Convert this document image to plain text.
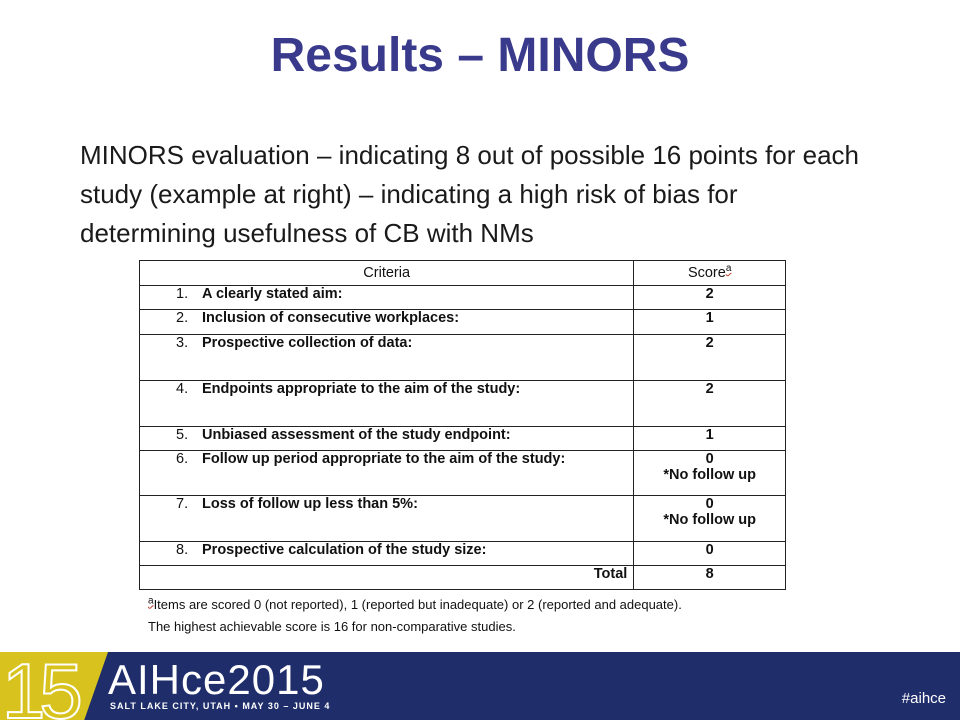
Results – MINORS
MINORS evaluation – indicating 8 out of possible 16 points for each study (example at right) – indicating a high risk of bias for determining usefulness of CB with NMs
Criteria	Score$^a$
1. A clearly stated aim:	2
2. Inclusion of consecutive workplaces:	1
3. Prospective collection of data:	2
4. Endpoints appropriate to the aim of the study:	2
5. Unbiased assessment of the study endpoint:	1
6. Follow up period appropriate to the aim of the study:	0
*No follow up

7. Loss of follow up less than 5%:	0
*No follow up

8. Prospective calculation of the study size:	0
Total	8
$^a$Items are scored 0 (not reported), 1 (reported but inadequate) or 2 (reported and adequate).
The highest achievable score is 16 for non-comparative studies.
15 AIHce2015
SALT LAKE CITY, UTAH • MAY 30 – JUNE 4	#aihce
